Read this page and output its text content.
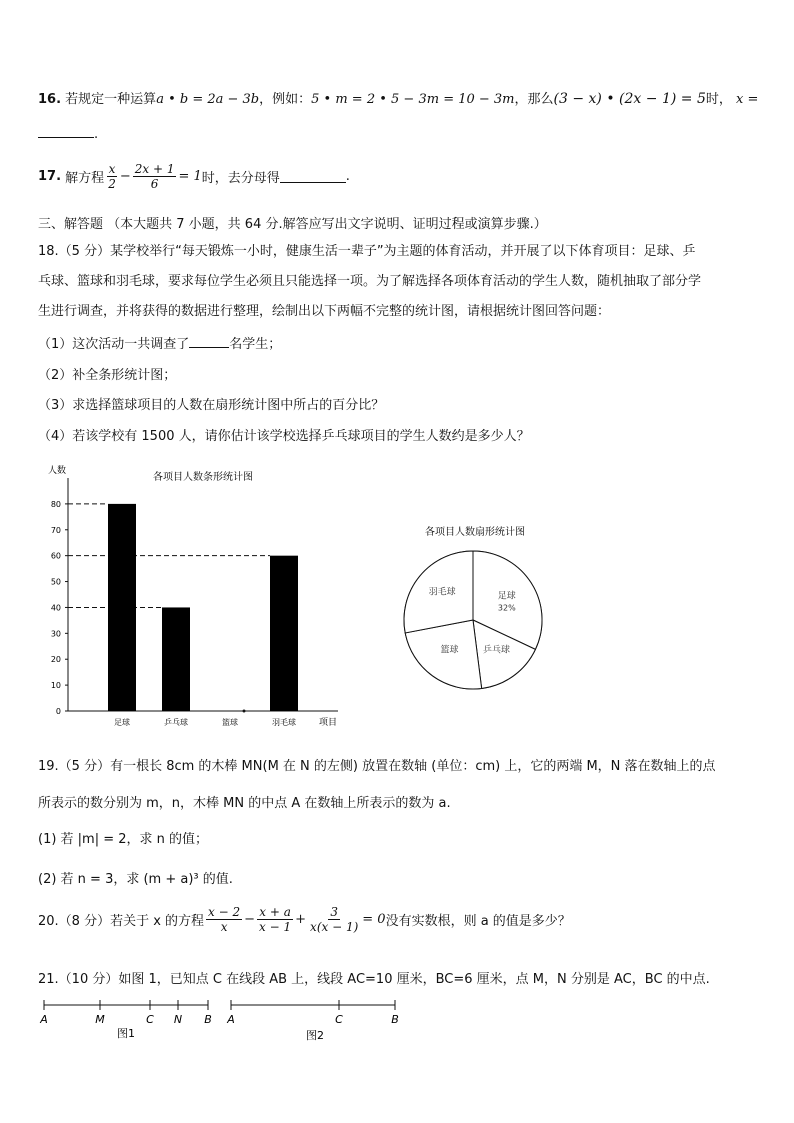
16. 若规定一种运算a • b = 2a − 3b，例如：5 • m = 2 • 5 − 3m = 10 − 3m，那么(3 − x) • (2x − 1) = 5时， x =
.
17.
解方程 $\frac{x}{2} - \frac{2x + 1}{6} = 1$ 时，去分母得	.
三、解答题 （本大题共 7 小题，共 64 分.解答应写出文字说明、证明过程或演算步骤.）
18.（5 分）某学校举行“每天锻炼一小时，健康生活一辈子”为主题的体育活动，并开展了以下体育项目：足球、乒
乓球、篮球和羽毛球，要求每位学生必须且只能选择一项。为了解选择各项体育活动的学生人数，随机抽取了部分学
生进行调查，并将获得的数据进行整理，绘制出以下两幅不完整的统计图，请根据统计图回答问题：
（1）这次活动一共调查了	名学生；
（2）补全条形统计图；
（3）求选择篮球项目的人数在扇形统计图中所占的百分比？
（4）若该学校有 1500 人，请你估计该学校选择乒乓球项目的学生人数约是多少人？
人数
各项目人数条形统计图
项目
0
10
20
30
40
50
60
70
80
足球	乒乓球	篮球	羽毛球
各项目人数扇形统计图
足球
32%
乒乓球
篮球
羽毛球
19.（5 分）有一根长 8cm 的木棒 MN(M 在 N 的左侧) 放置在数轴 (单位：cm) 上，它的两端 M，N 落在数轴上的点
所表示的数分别为 m，n，木棒 MN 的中点 A 在数轴上所表示的数为 a.
(1) 若 |m| = 2，求 n 的值；
(2) 若 n = 3，求 (m + a)³ 的值.
20.（8 分）若关于 x 的方程 $\frac{x - 2}{x} - \frac{x + a}{x - 1} + \frac{3}{x(x - 1)} = 0$ 没有实数根，则 a 的值是多少？
21.（10 分）如图 1，已知点 C 在线段 AB 上，线段 AC=10 厘米，BC=6 厘米，点 M，N 分别是 AC，BC 的中点.
A	M	C N B
图1
A	C	B
图2
